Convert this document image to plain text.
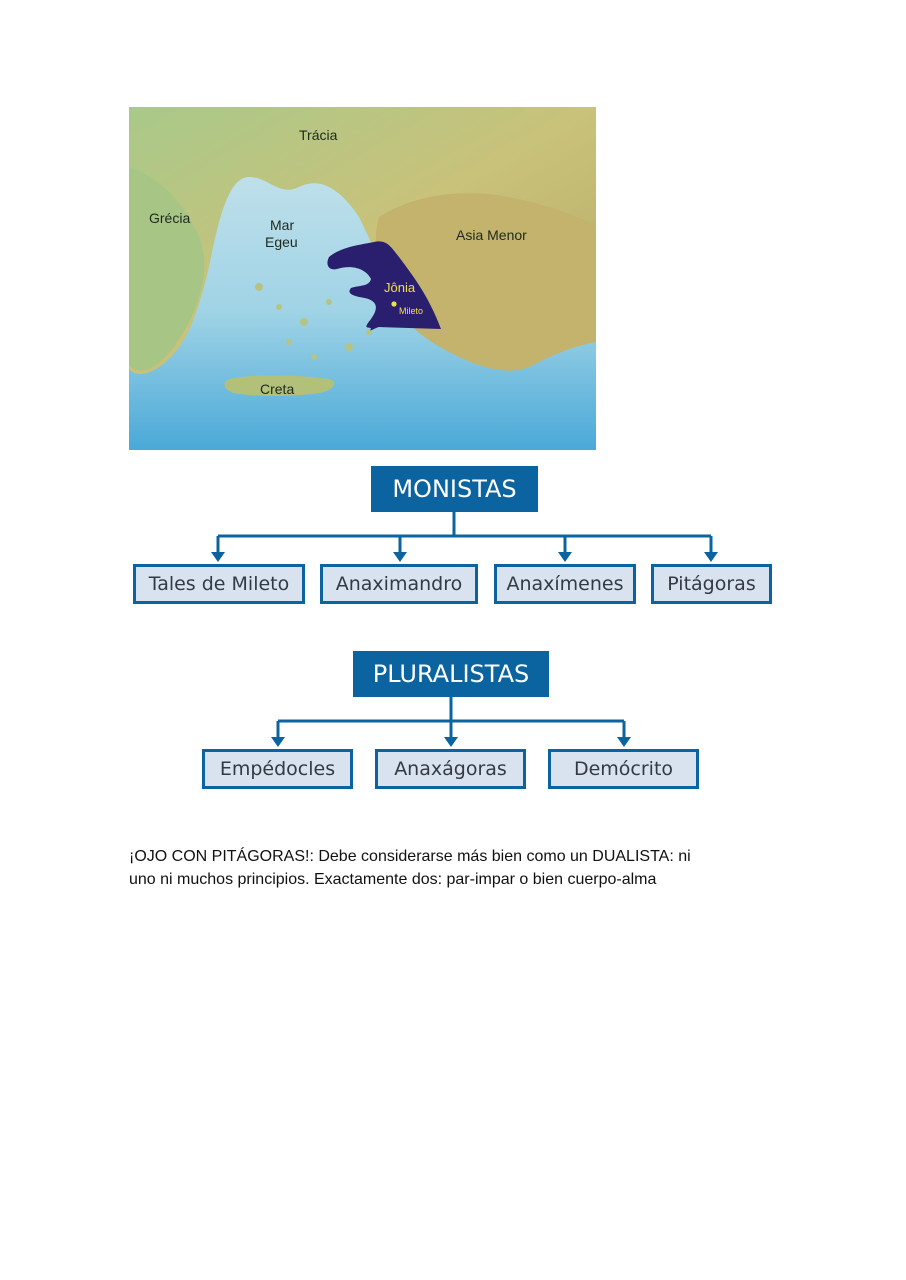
Trácia
Grécia	Mar
Egeu	Asia Menor
Jônia
Mileto
Creta
MONISTAS
Tales de Mileto	Anaximandro	Anaxímenes	Pitágoras
PLURALISTAS
Empédocles	Anaxágoras	Demócrito

¡OJO CON PITÁGORAS!: Debe considerarse más bien como un DUALISTA: ni

uno ni muchos principios. Exactamente dos: par-impar o bien cuerpo-alma
